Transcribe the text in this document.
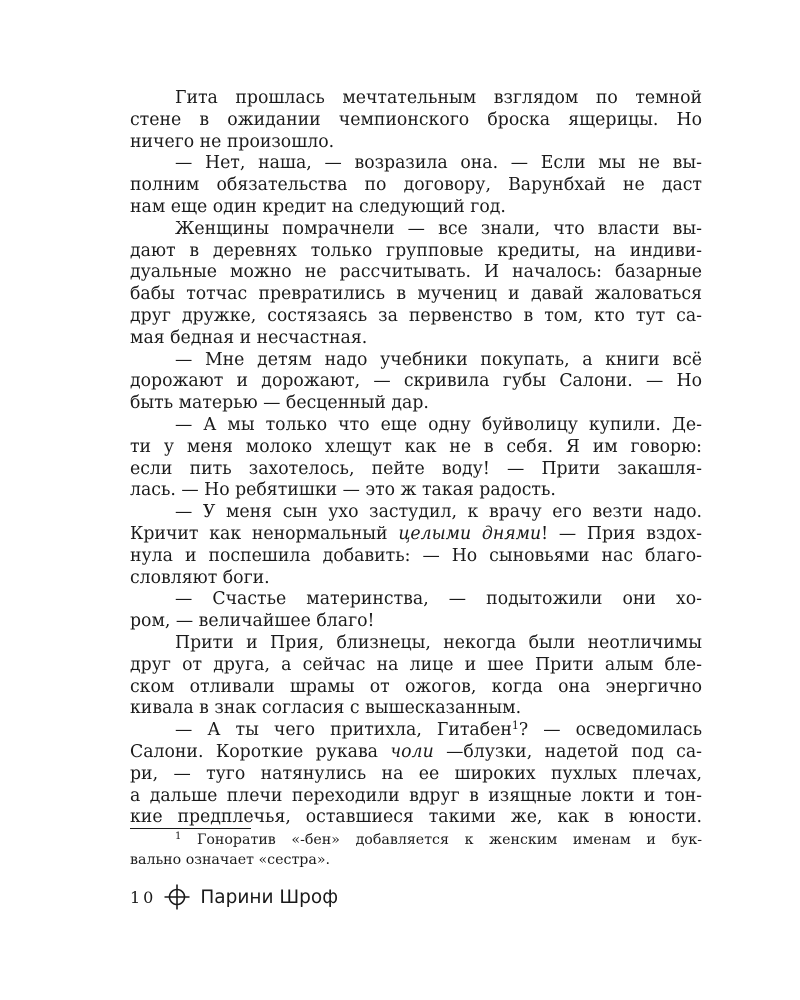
Гита прошлась мечтательным взглядом по темной
стене в ожидании чемпионского броска ящерицы. Но
ничего не произошло.
— Нет, наша, — возразила она. — Если мы не вы-
полним обязательства по договору, Варунбхай не даст
нам еще один кредит на следующий год.
Женщины помрачнели — все знали, что власти вы-
дают в деревнях только групповые кредиты, на индиви-
дуальные можно не рассчитывать. И началось: базарные
бабы тотчас превратились в мучениц и давай жаловаться
друг дружке, состязаясь за первенство в том, кто тут са-
мая бедная и несчастная.
— Мне детям надо учебники покупать, а книги всё
дорожают и дорожают, — скривила губы Салони. — Но
быть матерью — бесценный дар.
— А мы только что еще одну буйволицу купили. Де-
ти у меня молоко хлещут как не в себя. Я им говорю:
если пить захотелось, пейте воду! — Прити закашля-
лась. — Но ребятишки — это ж такая радость.
— У меня сын ухо застудил, к врачу его везти надо.
Кричит как ненормальный целыми днями! — Прия вздох-
нула и поспешила добавить: — Но сыновьями нас благо-
словляют боги.
— Счастье материнства, — подытожили они хо-
ром, — величайшее благо!
Прити и Прия, близнецы, некогда были неотличимы
друг от друга, а сейчас на лице и шее Прити алым бле-
ском отливали шрамы от ожогов, когда она энергично
кивала в знак согласия с вышесказанным.
— А ты чего притихла, Гитабен$^1$? — осведомилась
Салони. Короткие рукава чоли —блузки, надетой под са-
ри, — туго натянулись на ее широких пухлых плечах,
а дальше плечи переходили вдруг в изящные локти и тон-
кие предплечья, оставшиеся такими же, как в юности.
$^1$ Гоноратив «-бен» добавляется к женским именам и бук-
вально означает «сестра».
10 Парини Шроф
